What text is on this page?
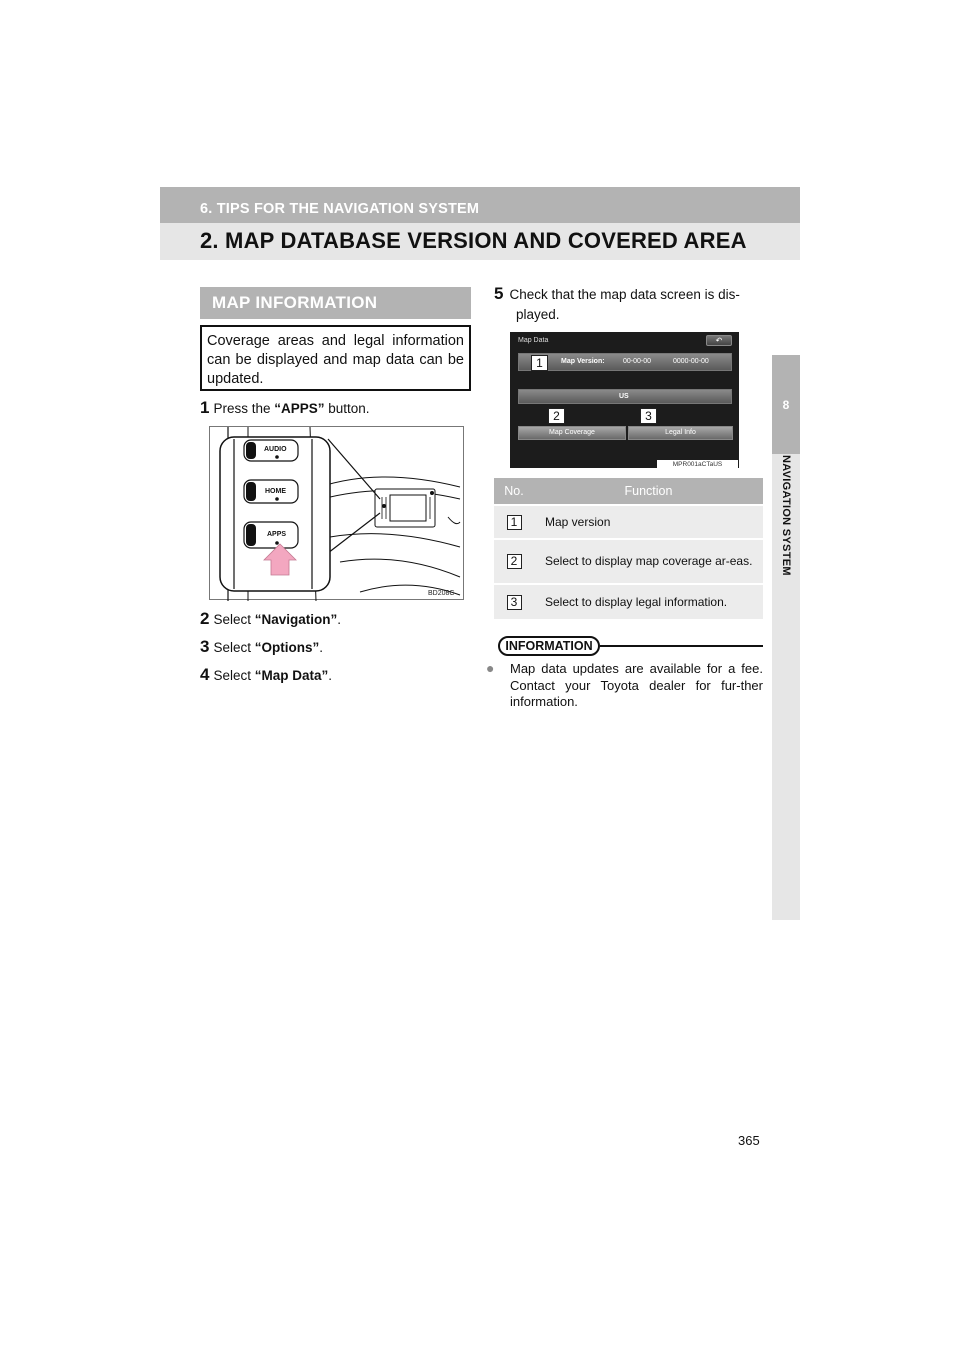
6. TIPS FOR THE NAVIGATION SYSTEM
2. MAP DATABASE VERSION AND COVERED AREA
8
NAVIGATION SYSTEM
MAP INFORMATION
Coverage areas and legal information can be displayed and map data can be updated.
1 Press the “APPS” button.
AUDIO
HOME
APPS
BD208C
2 Select “Navigation”.
3 Select “Options”.
4 Select “Map Data”.
5 Check that the map data screen is dis-played.
Map Data	↶
Map Version:	00-00-00	0000-00-00
US
Map Coverage	Legal Info
1
2	3
MPR001aCTaUS
No.	Function
1	Map version
2	Select to display map coverage ar-eas.
3	Select to display legal information.
INFORMATION
● Map data updates are available for a fee. Contact your Toyota dealer for fur-ther information.
365
